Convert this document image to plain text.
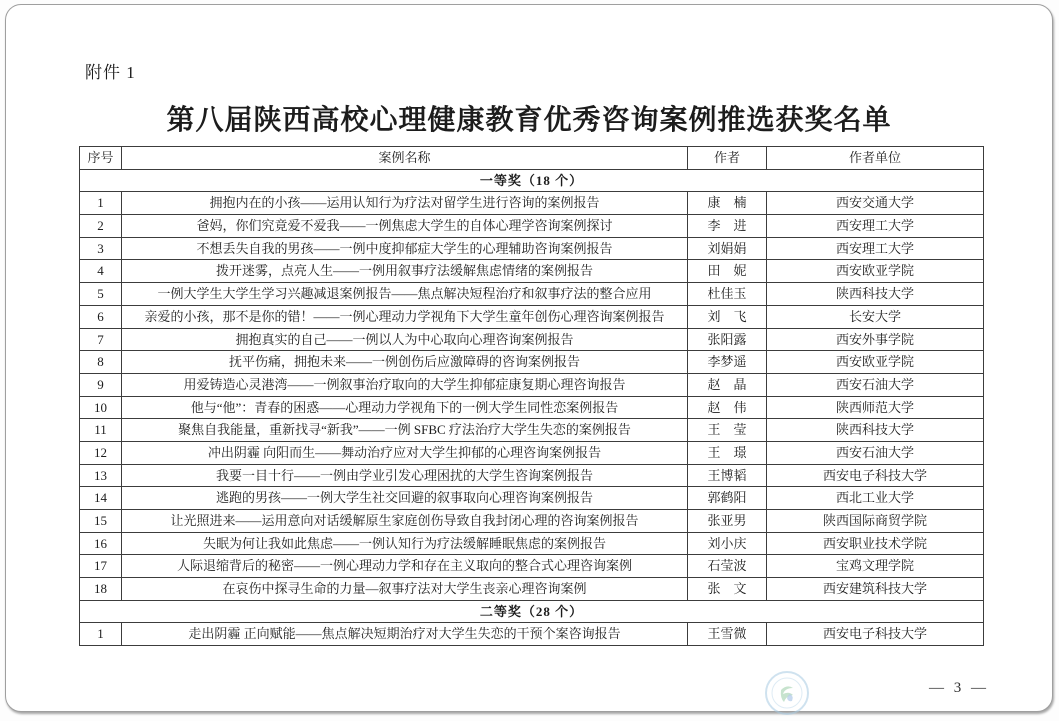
附件 1
第八届陕西高校心理健康教育优秀咨询案例推选获奖名单
序号	案例名称	作者	作者单位
一等奖（18 个）			
1	拥抱内在的小孩——运用认知行为疗法对留学生进行咨询的案例报告	康　楠	西安交通大学
2	爸妈，你们究竟爱不爱我——一例焦虑大学生的自体心理学咨询案例探讨	李　进	西安理工大学
3	不想丢失自我的男孩——一例中度抑郁症大学生的心理辅助咨询案例报告	刘娟娟	西安理工大学
4	拨开迷雾，点亮人生——一例用叙事疗法缓解焦虑情绪的案例报告	田　妮	西安欧亚学院
5	一例大学生大学生学习兴趣减退案例报告——焦点解决短程治疗和叙事疗法的整合应用	杜佳玉	陕西科技大学
6	亲爱的小孩，那不是你的错！——一例心理动力学视角下大学生童年创伤心理咨询案例报告	刘　飞	长安大学
7	拥抱真实的自己——一例以人为中心取向心理咨询案例报告	张阳露	西安外事学院
8	抚平伤痛，拥抱未来——一例创伤后应激障碍的咨询案例报告	李梦遥	西安欧亚学院
9	用爱铸造心灵港湾——一例叙事治疗取向的大学生抑郁症康复期心理咨询报告	赵　晶	西安石油大学
10	他与“他”：青春的困惑——心理动力学视角下的一例大学生同性恋案例报告	赵　伟	陕西师范大学
11	聚焦自我能量，重新找寻“新我”——一例 SFBC 疗法治疗大学生失恋的案例报告	王　莹	陕西科技大学
12	冲出阴霾 向阳而生——舞动治疗应对大学生抑郁的心理咨询案例报告	王　璟	西安石油大学
13	我要一目十行——一例由学业引发心理困扰的大学生咨询案例报告	王博韬	西安电子科技大学
14	逃跑的男孩——一例大学生社交回避的叙事取向心理咨询案例报告	郭鹤阳	西北工业大学
15	让光照进来——运用意向对话缓解原生家庭创伤导致自我封闭心理的咨询案例报告	张亚男	陕西国际商贸学院
16	失眠为何让我如此焦虑——一例认知行为疗法缓解睡眠焦虑的案例报告	刘小庆	西安职业技术学院
17	人际退缩背后的秘密——一例心理动力学和存在主义取向的整合式心理咨询案例	石莹波	宝鸡文理学院
18	在哀伤中探寻生命的力量—叙事疗法对大学生丧亲心理咨询案例	张　文	西安建筑科技大学
二等奖（28 个）			
1	走出阴霾 正向赋能——焦点解决短期治疗对大学生失恋的干预个案咨询报告	王雪微	西安电子科技大学
— 3 —
